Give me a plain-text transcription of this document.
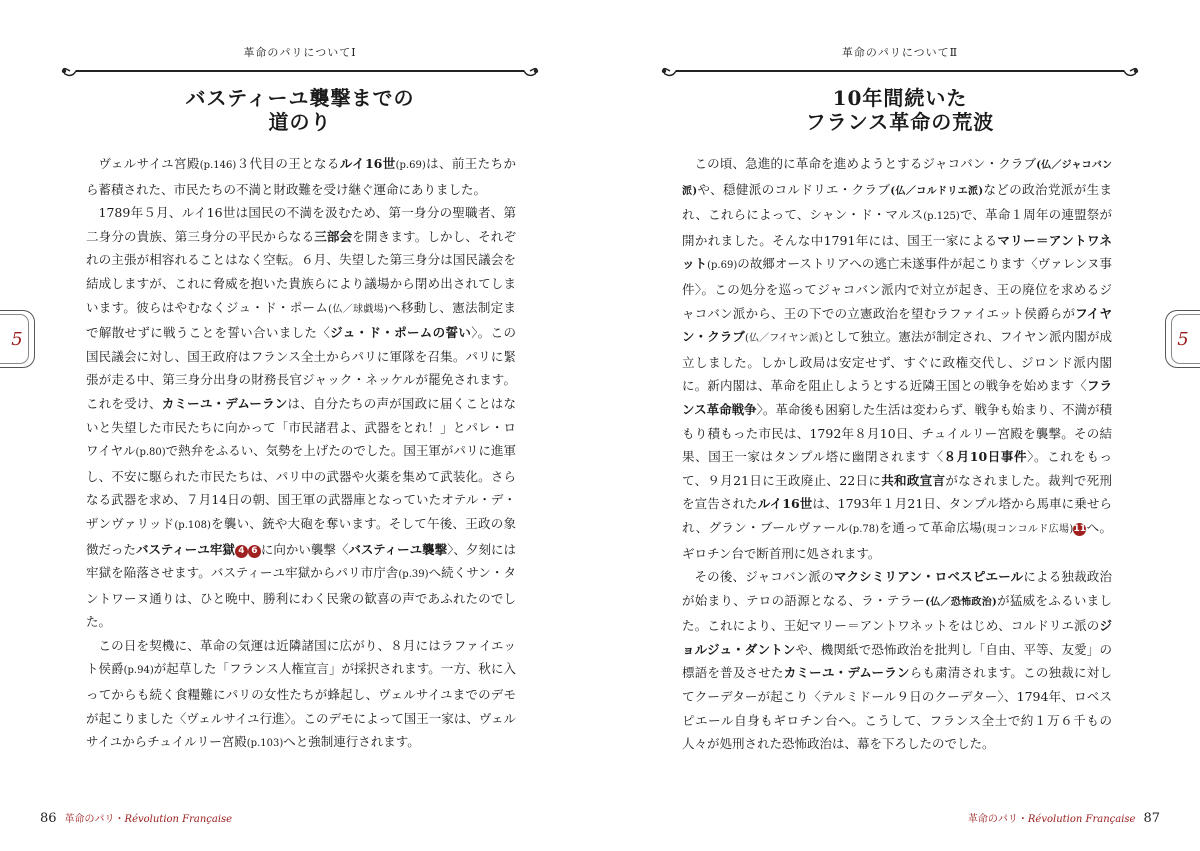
革命のパリについてⅠ
バスティーユ襲撃までの
道のり

ヴェルサイユ宮殿(p.146)３代目の王となるルイ16世(p.69)は、前王たちから蓄積された、市民たちの不満と財政難を受け継ぐ運命にありました。

1789年５月、ルイ16世は国民の不満を汲むため、第一身分の聖職者、第二身分の貴族、第三身分の平民からなる三部会を開きます。しかし、それぞれの主張が相容れることはなく空転。６月、失望した第三身分は国民議会を結成しますが、これに脅威を抱いた貴族らにより議場から閉め出されてしまいます。彼らはやむなくジュ・ド・ポーム(仏／球戯場)へ移動し、憲法制定まで解散せずに戦うことを誓い合いました〈ジュ・ド・ポームの誓い〉。この国民議会に対し、国王政府はフランス全土からパリに軍隊を召集。パリに緊張が走る中、第三身分出身の財務長官ジャック・ネッケルが罷免されます。これを受け、カミーユ・デムーランは、自分たちの声が国政に届くことはないと失望した市民たちに向かって「市民諸君よ、武器をとれ！」とパレ・ロワイヤル(p.80)で熱弁をふるい、気勢を上げたのでした。国王軍がパリに進軍し、不安に駆られた市民たちは、パリ中の武器や火薬を集めて武装化。さらなる武器を求め、７月14日の朝、国王軍の武器庫となっていたオテル・デ・ザンヴァリッド(p.108)を襲い、銃や大砲を奪います。そして午後、王政の象徴だったバスティーユ牢獄 4 6 に向かい襲撃〈バスティーユ襲撃〉、夕刻には牢獄を陥落させます。バスティーユ牢獄からパリ市庁舎(p.39)へ続くサン・タントワーヌ通りは、ひと晩中、勝利にわく民衆の歓喜の声であふれたのでした。

この日を契機に、革命の気運は近隣諸国に広がり、８月にはラファイエット侯爵(p.94)が起草した「フランス人権宣言」が採択されます。一方、秋に入ってからも続く食糧難にパリの女性たちが蜂起し、ヴェルサイユまでのデモが起こりました〈ヴェルサイユ行進〉。このデモによって国王一家は、ヴェルサイユからチュイルリー宮殿(p.103)へと強制連行されます。

5
86 革命のパリ・Révolution Française
革命のパリについてⅡ
10年間続いた
フランス革命の荒波

この頃、急進的に革命を進めようとするジャコバン・クラブ(仏／ジャコバン派)や、穏健派のコルドリエ・クラブ(仏／コルドリエ派)などの政治党派が生まれ、これらによって、シャン・ド・マルス(p.125)で、革命１周年の連盟祭が開かれました。そんな中1791年には、国王一家によるマリー＝アントワネット(p.69)の故郷オーストリアへの逃亡未遂事件が起こります〈ヴァレンヌ事件〉。この処分を巡ってジャコバン派内で対立が起き、王の廃位を求めるジャコバン派から、王の下での立憲政治を望むラファイエット侯爵らがフイヤン・クラブ(仏／フイヤン派)として独立。憲法が制定され、フイヤン派内閣が成立しました。しかし政局は安定せず、すぐに政権交代し、ジロンド派内閣に。新内閣は、革命を阻止しようとする近隣王国との戦争を始めます〈フランス革命戦争〉。革命後も困窮した生活は変わらず、戦争も始まり、不満が積もり積もった市民は、1792年８月10日、チュイルリー宮殿を襲撃。その結果、国王一家はタンプル塔に幽閉されます〈８月10日事件〉。これをもって、９月21日に王政廃止、22日に共和政宣言がなされました。裁判で死刑を宣告されたルイ16世は、1793年１月21日、タンプル塔から馬車に乗せられ、グラン・ブールヴァール(p.78)を通って革命広場(現コンコルド広場)11へ。ギロチン台で断首刑に処されます。

その後、ジャコバン派のマクシミリアン・ロベスピエールによる独裁政治が始まり、テロの語源となる、ラ・テラー(仏／恐怖政治)が猛威をふるいました。これにより、王妃マリー＝アントワネットをはじめ、コルドリエ派のジョルジュ・ダントンや、機関紙で恐怖政治を批判し「自由、平等、友愛」の標語を普及させたカミーユ・デムーランらも粛清されます。この独裁に対してクーデターが起こり〈テルミドール９日のクーデター〉、1794年、ロベスピエール自身もギロチン台へ。こうして、フランス全土で約１万６千もの人々が処刑された恐怖政治は、幕を下ろしたのでした。

5
革命のパリ・Révolution Française 87
